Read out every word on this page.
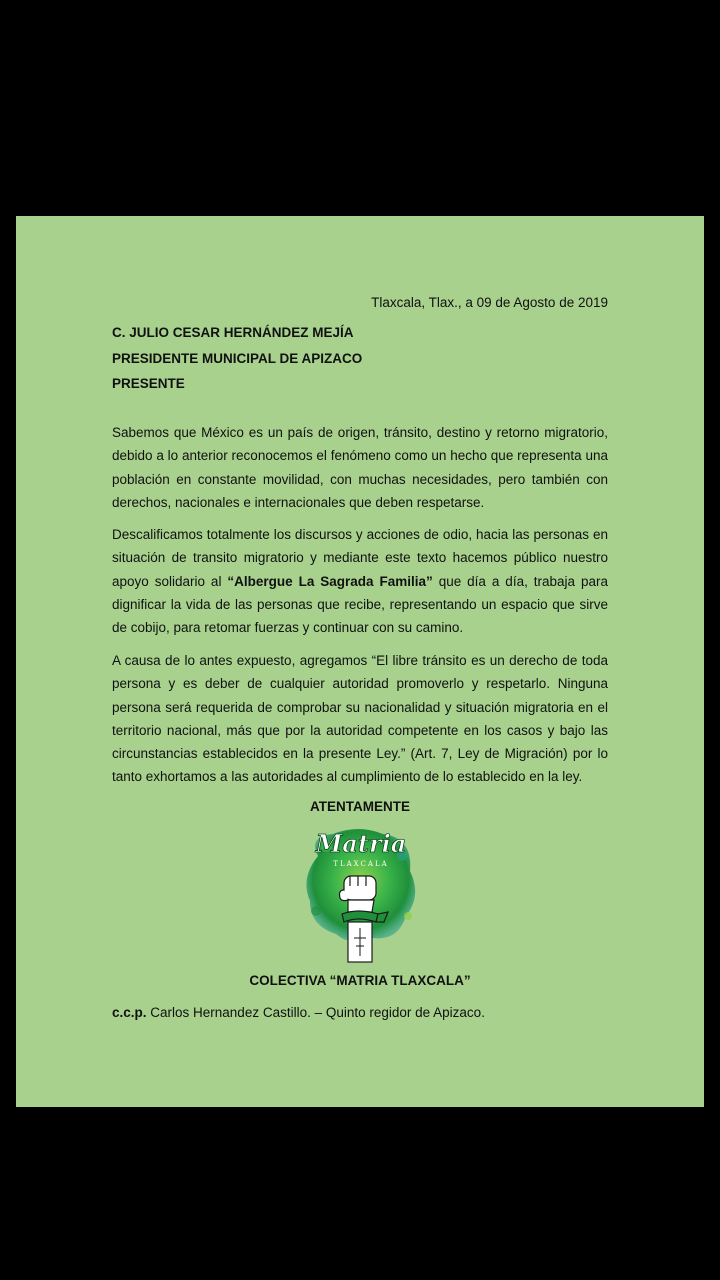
Tlaxcala, Tlax., a 09 de Agosto de 2019
C. JULIO CESAR HERNÁNDEZ MEJÍA
PRESIDENTE MUNICIPAL DE APIZACO
PRESENTE
Sabemos que México es un país de origen, tránsito, destino y retorno migratorio, debido a lo anterior reconocemos el fenómeno como un hecho que representa una población en constante movilidad, con muchas necesidades, pero también con derechos, nacionales e internacionales que deben respetarse.
Descalificamos totalmente los discursos y acciones de odio, hacia las personas en situación de transito migratorio y mediante este texto hacemos público nuestro apoyo solidario al “Albergue La Sagrada Familia” que día a día, trabaja para dignificar la vida de las personas que recibe, representando un espacio que sirve de cobijo, para retomar fuerzas y continuar con su camino.
A causa de lo antes expuesto, agregamos “El libre tránsito es un derecho de toda persona y es deber de cualquier autoridad promoverlo y respetarlo. Ninguna persona será requerida de comprobar su nacionalidad y situación migratoria en el territorio nacional, más que por la autoridad competente en los casos y bajo las circunstancias establecidos en la presente Ley.” (Art. 7, Ley de Migración) por lo tanto exhortamos a las autoridades al cumplimiento de lo establecido en la ley.
ATENTAMENTE
Matria
TLAXCALA
COLECTIVA “MATRIA TLAXCALA”
c.c.p. Carlos Hernandez Castillo. – Quinto regidor de Apizaco.
